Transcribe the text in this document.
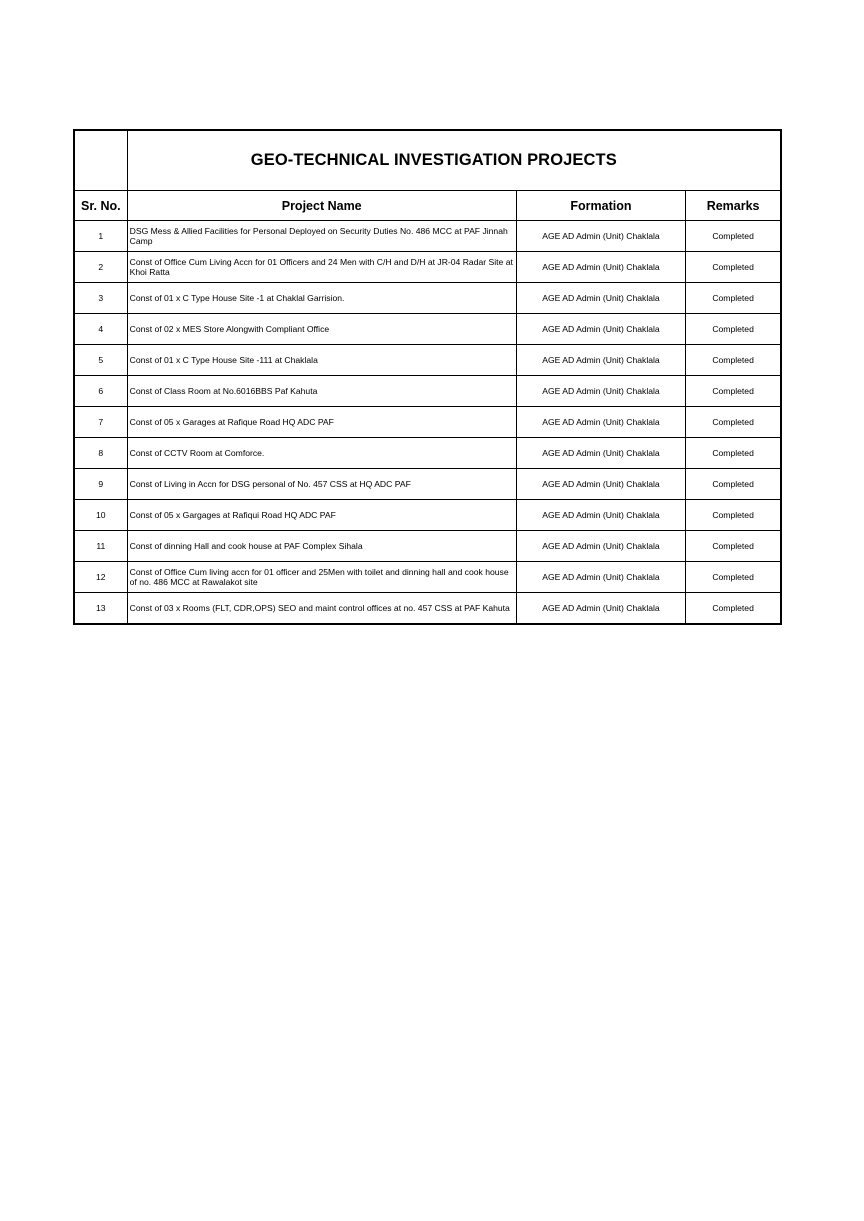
	GEO-TECHNICAL INVESTIGATION PROJECTS		
Sr. No.	Project Name	Formation	Remarks
1	DSG Mess & Allied Facilities for Personal Deployed on Security Duties No. 486 MCC at PAF Jinnah Camp	AGE AD Admin (Unit) Chaklala	Completed
2	Const of Office Cum Living Accn for 01 Officers and 24 Men with C/H and D/H at JR-04 Radar Site at Khoi Ratta	AGE AD Admin (Unit) Chaklala	Completed
3	Const of 01 x C Type House Site -1 at Chaklal Garrision.	AGE AD Admin (Unit) Chaklala	Completed
4	Const of 02 x MES Store Alongwith Compliant Office	AGE AD Admin (Unit) Chaklala	Completed
5	Const of 01 x C Type House Site -111 at Chaklala	AGE AD Admin (Unit) Chaklala	Completed
6	Const of Class Room at No.6016BBS Paf Kahuta	AGE AD Admin (Unit) Chaklala	Completed
7	Const of 05 x Garages at Rafique Road HQ ADC PAF	AGE AD Admin (Unit) Chaklala	Completed
8	Const of CCTV Room at Comforce.	AGE AD Admin (Unit) Chaklala	Completed
9	Const of Living in Accn for DSG personal of No. 457 CSS at HQ ADC PAF	AGE AD Admin (Unit) Chaklala	Completed
10	Const of 05 x Gargages at Rafiqui Road HQ ADC PAF	AGE AD Admin (Unit) Chaklala	Completed
11	Const of dinning Hall and cook house at PAF Complex Sihala	AGE AD Admin (Unit) Chaklala	Completed
12	Const of Office Cum living accn for 01 officer and 25Men with toilet and dinning hall and cook house of no. 486 MCC at Rawalakot site	AGE AD Admin (Unit) Chaklala	Completed
13	Const of 03 x Rooms (FLT, CDR,OPS) SEO and maint control offices at no. 457 CSS at PAF Kahuta	AGE AD Admin (Unit) Chaklala	Completed
